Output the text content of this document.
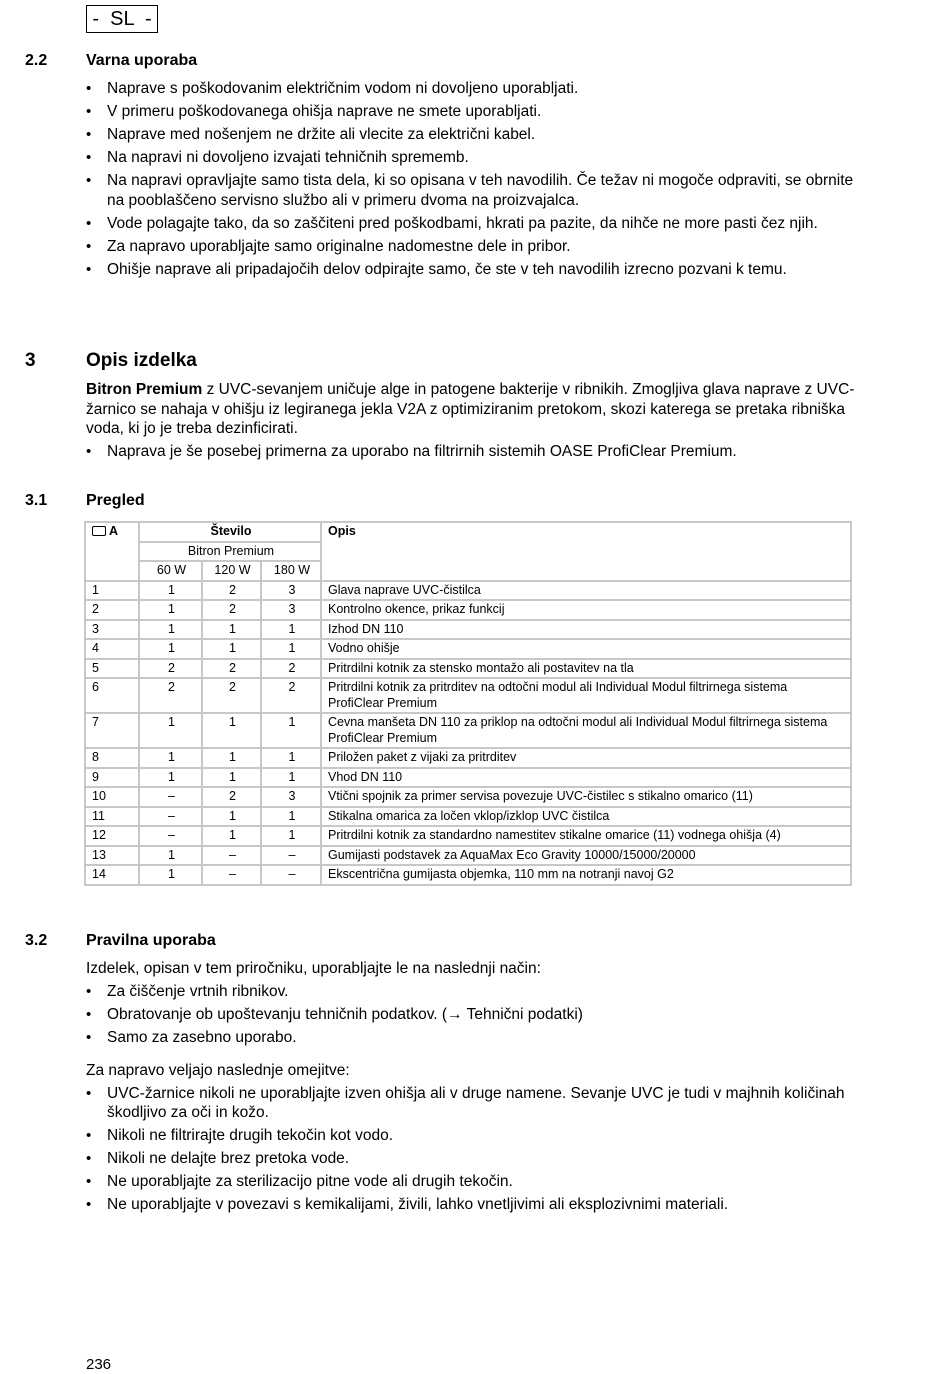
-  SL  -
2.2 Varna uporaba
• Naprave s poškodovanim električnim vodom ni dovoljeno uporabljati.
• V primeru poškodovanega ohišja naprave ne smete uporabljati.
• Naprave med nošenjem ne držite ali vlecite za električni kabel.
• Na napravi ni dovoljeno izvajati tehničnih sprememb.
• Na napravi opravljajte samo tista dela, ki so opisana v teh navodilih. Če težav ni mogoče odpraviti, se obrnite na pooblaščeno servisno službo ali v primeru dvoma na proizvajalca.
• Vode polagajte tako, da so zaščiteni pred poškodbami, hkrati pa pazite, da nihče ne more pasti čez njih.
• Za napravo uporabljajte samo originalne nadomestne dele in pribor.
• Ohišje naprave ali pripadajočih delov odpirajte samo, če ste v teh navodilih izrecno pozvani k temu.
3	Opis izdelka

Bitron Premium z UVC-sevanjem uničuje alge in patogene bakterije v ribnikih. Zmogljiva glava naprave z UVC-žarnico se nahaja v ohišju iz legiranega jekla V2A z optimiziranim pretokom, skozi katerega se pretaka ribniška voda, ki jo je treba dezinficirati.

• Naprava je še posebej primerna za uporabo na filtrirnih sistemih OASE ProfiClear Premium.
3.1 Pregled
A	Število			Opis
	Bitron Premium			
	60 W	120 W	180 W	
1	1	2	3	Glava naprave UVC-čistilca
2	1	2	3	Kontrolno okence, prikaz funkcij
3	1	1	1	Izhod DN 110
4	1	1	1	Vodno ohišje
5	2	2	2	Pritrdilni kotnik za stensko montažo ali postavitev na tla
6	2	2	2	Pritrdilni kotnik za pritrditev na odtočni modul ali Individual Modul filtrirnega sistema ProfiClear Premium
7	1	1	1	Cevna manšeta DN 110 za priklop na odtočni modul ali Individual Modul filtrirnega sistema ProfiClear Premium
8	1	1	1	Priložen paket z vijaki za pritrditev
9	1	1	1	Vhod DN 110
10	–	2	3	Vtični spojnik za primer servisa povezuje UVC-čistilec s stikalno omarico (11)
11	–	1	1	Stikalna omarica za ločen vklop/izklop UVC čistilca
12	–	1	1	Pritrdilni kotnik za standardno namestitev stikalne omarice (11) vodnega ohišja (4)
13	1	–	–	Gumijasti podstavek za AquaMax Eco Gravity 10000/15000/20000
14	1	–	–	Ekscentrična gumijasta objemka, 110 mm na notranji navoj G2
3.2 Pravilna uporaba

Izdelek, opisan v tem priročniku, uporabljajte le na naslednji način:

• Za čiščenje vrtnih ribnikov.
• Obratovanje ob upoštevanju tehničnih podatkov. (→ Tehnični podatki)
• Samo za zasebno uporabo.

Za napravo veljajo naslednje omejitve:

• UVC-žarnice nikoli ne uporabljajte izven ohišja ali v druge namene. Sevanje UVC je tudi v majhnih količinah škodljivo za oči in kožo.
• Nikoli ne filtrirajte drugih tekočin kot vodo.
• Nikoli ne delajte brez pretoka vode.
• Ne uporabljajte za sterilizacijo pitne vode ali drugih tekočin.
• Ne uporabljajte v povezavi s kemikalijami, živili, lahko vnetljivimi ali eksplozivnimi materiali.
236
